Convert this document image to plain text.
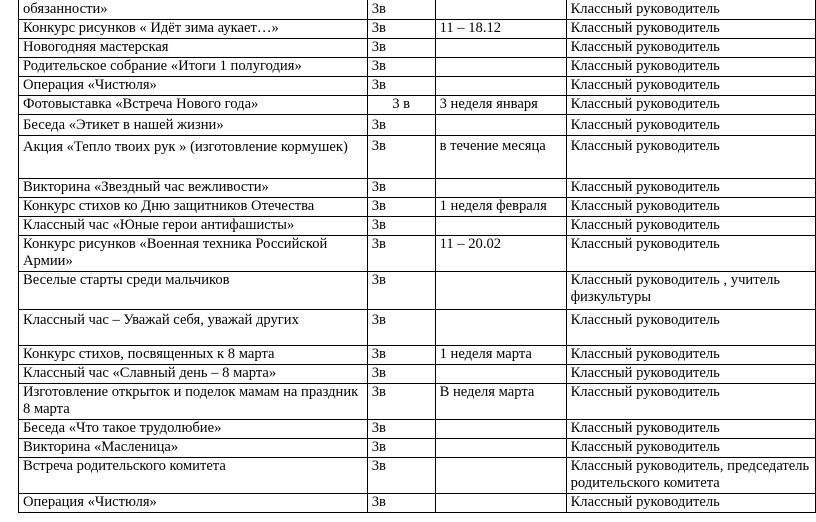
обязанности»	3в		Классный руководитель
Конкурс рисунков « Идёт зима аукает…»	3в	11 – 18.12	Классный руководитель
Новогодняя мастерская	3в		Классный руководитель
Родительское собрание «Итоги 1 полугодия»	3в		Классный руководитель
Операция «Чистюля»	3в		Классный руководитель
Фотовыставка «Встреча Нового года»	3 в	3 неделя января	Классный руководитель
Беседа «Этикет в нашей жизни»	3в		Классный руководитель
Акция «Тепло твоих рук » (изготовление кормушек)	3в	в течение месяца	Классный руководитель
Викторина «Звездный час вежливости»	3в		Классный руководитель
Конкурс стихов ко Дню защитников Отечества	3в	1 неделя февраля	Классный руководитель
Классный час «Юные герои антифашисты»	3в		Классный руководитель
Конкурс рисунков «Военная техника Российской Армии»	3в	11 – 20.02	Классный руководитель
Веселые старты среди мальчиков	3в		Классный руководитель , учитель физкультуры
Классный час – Уважай себя, уважай других	3в		Классный руководитель
Конкурс стихов, посвященных к 8 марта	3в	1 неделя марта	Классный руководитель
Классный час «Славный день – 8 марта»	3в		Классный руководитель
Изготовление открыток и поделок мамам на праздник 8 марта	3в	В неделя марта	Классный руководитель
Беседа «Что такое трудолюбие»	3в		Классный руководитель
Викторина «Масленица»	3в		Классный руководитель
Встреча родительского комитета	3в		Классный руководитель, председатель родительского комитета
Операция «Чистюля»	3в		Классный руководитель
